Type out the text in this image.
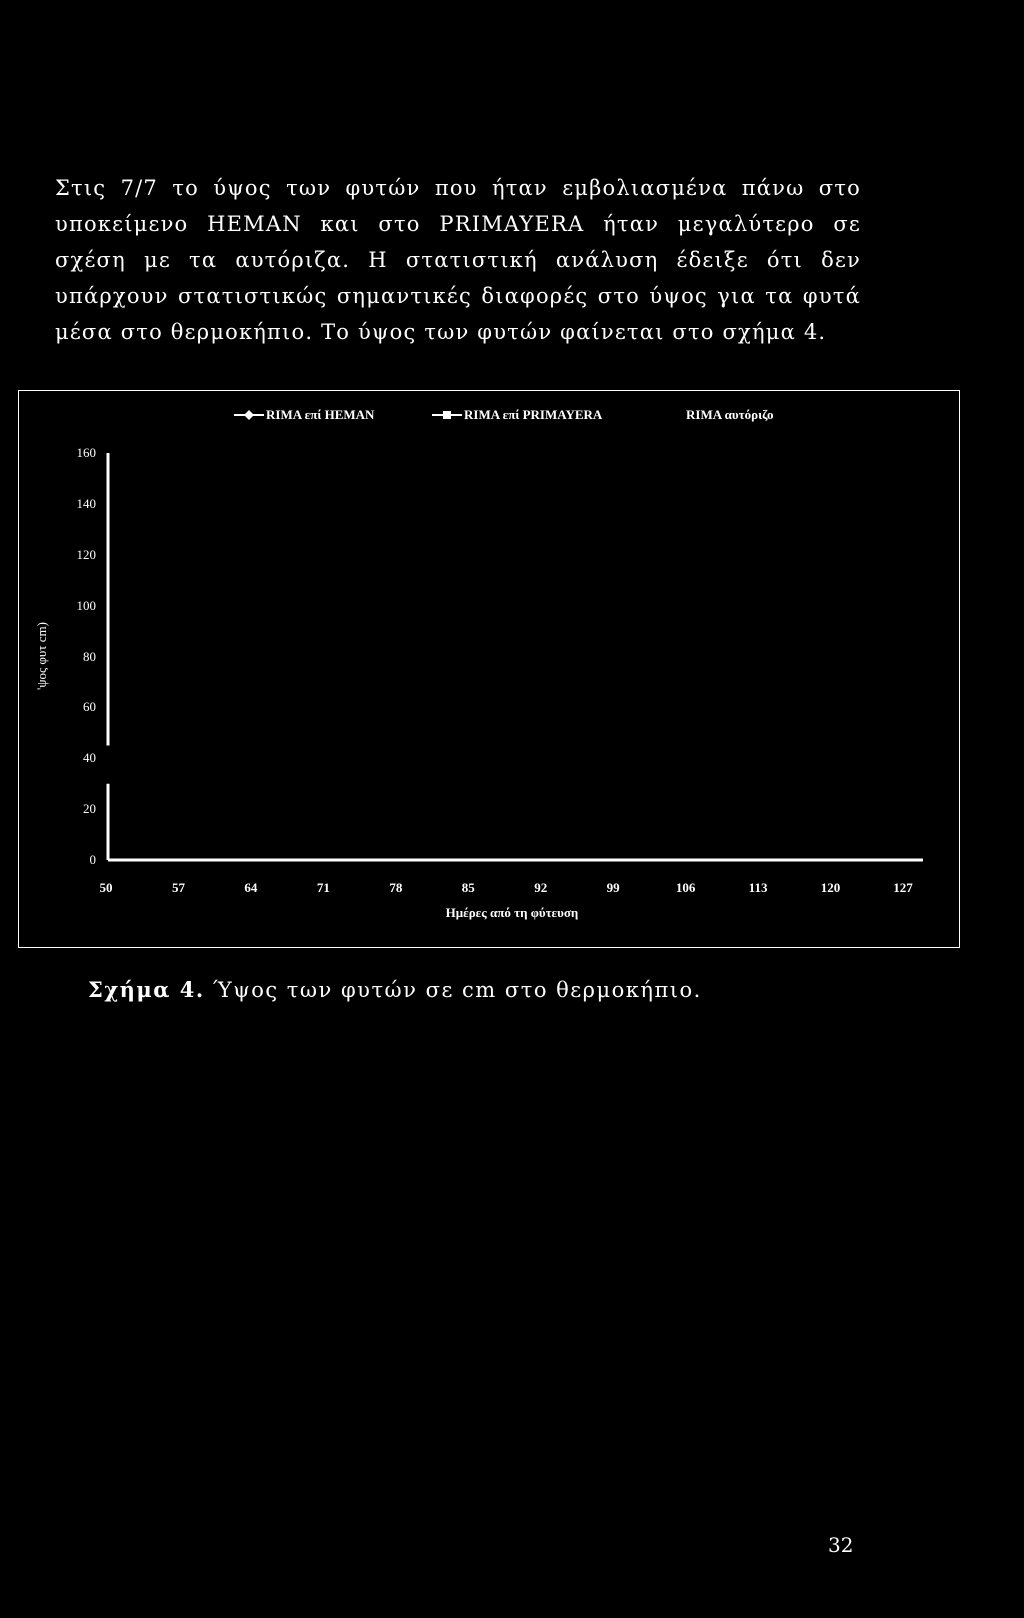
Στις 7/7 το ύψος των φυτών που ήταν εμβολιασμένα πάνω στο
υποκείμενο HEMAN και στο PRIMAYERA ήταν μεγαλύτερο σε
σχέση με τα αυτόριζα. Η στατιστική ανάλυση έδειξε ότι δεν
υπάρχουν στατιστικώς σημαντικές διαφορές στο ύψος για τα φυτά
μέσα στο θερμοκήπιο. Το ύψος των φυτών φαίνεται στο σχήμα 4.
RIMA επί HEMAN	RIMA επί PRIMAYERA	RIMA αυτόριζο
0
20
40
60
80
100
120
140
160
50	57	64	71	78	85	92	99	106	113	120	127
'ψος φυτ cm)
Ημέρες από τη φύτευση
Σχήμα 4. Ύψος των φυτών σε cm στο θερμοκήπιο.
32
